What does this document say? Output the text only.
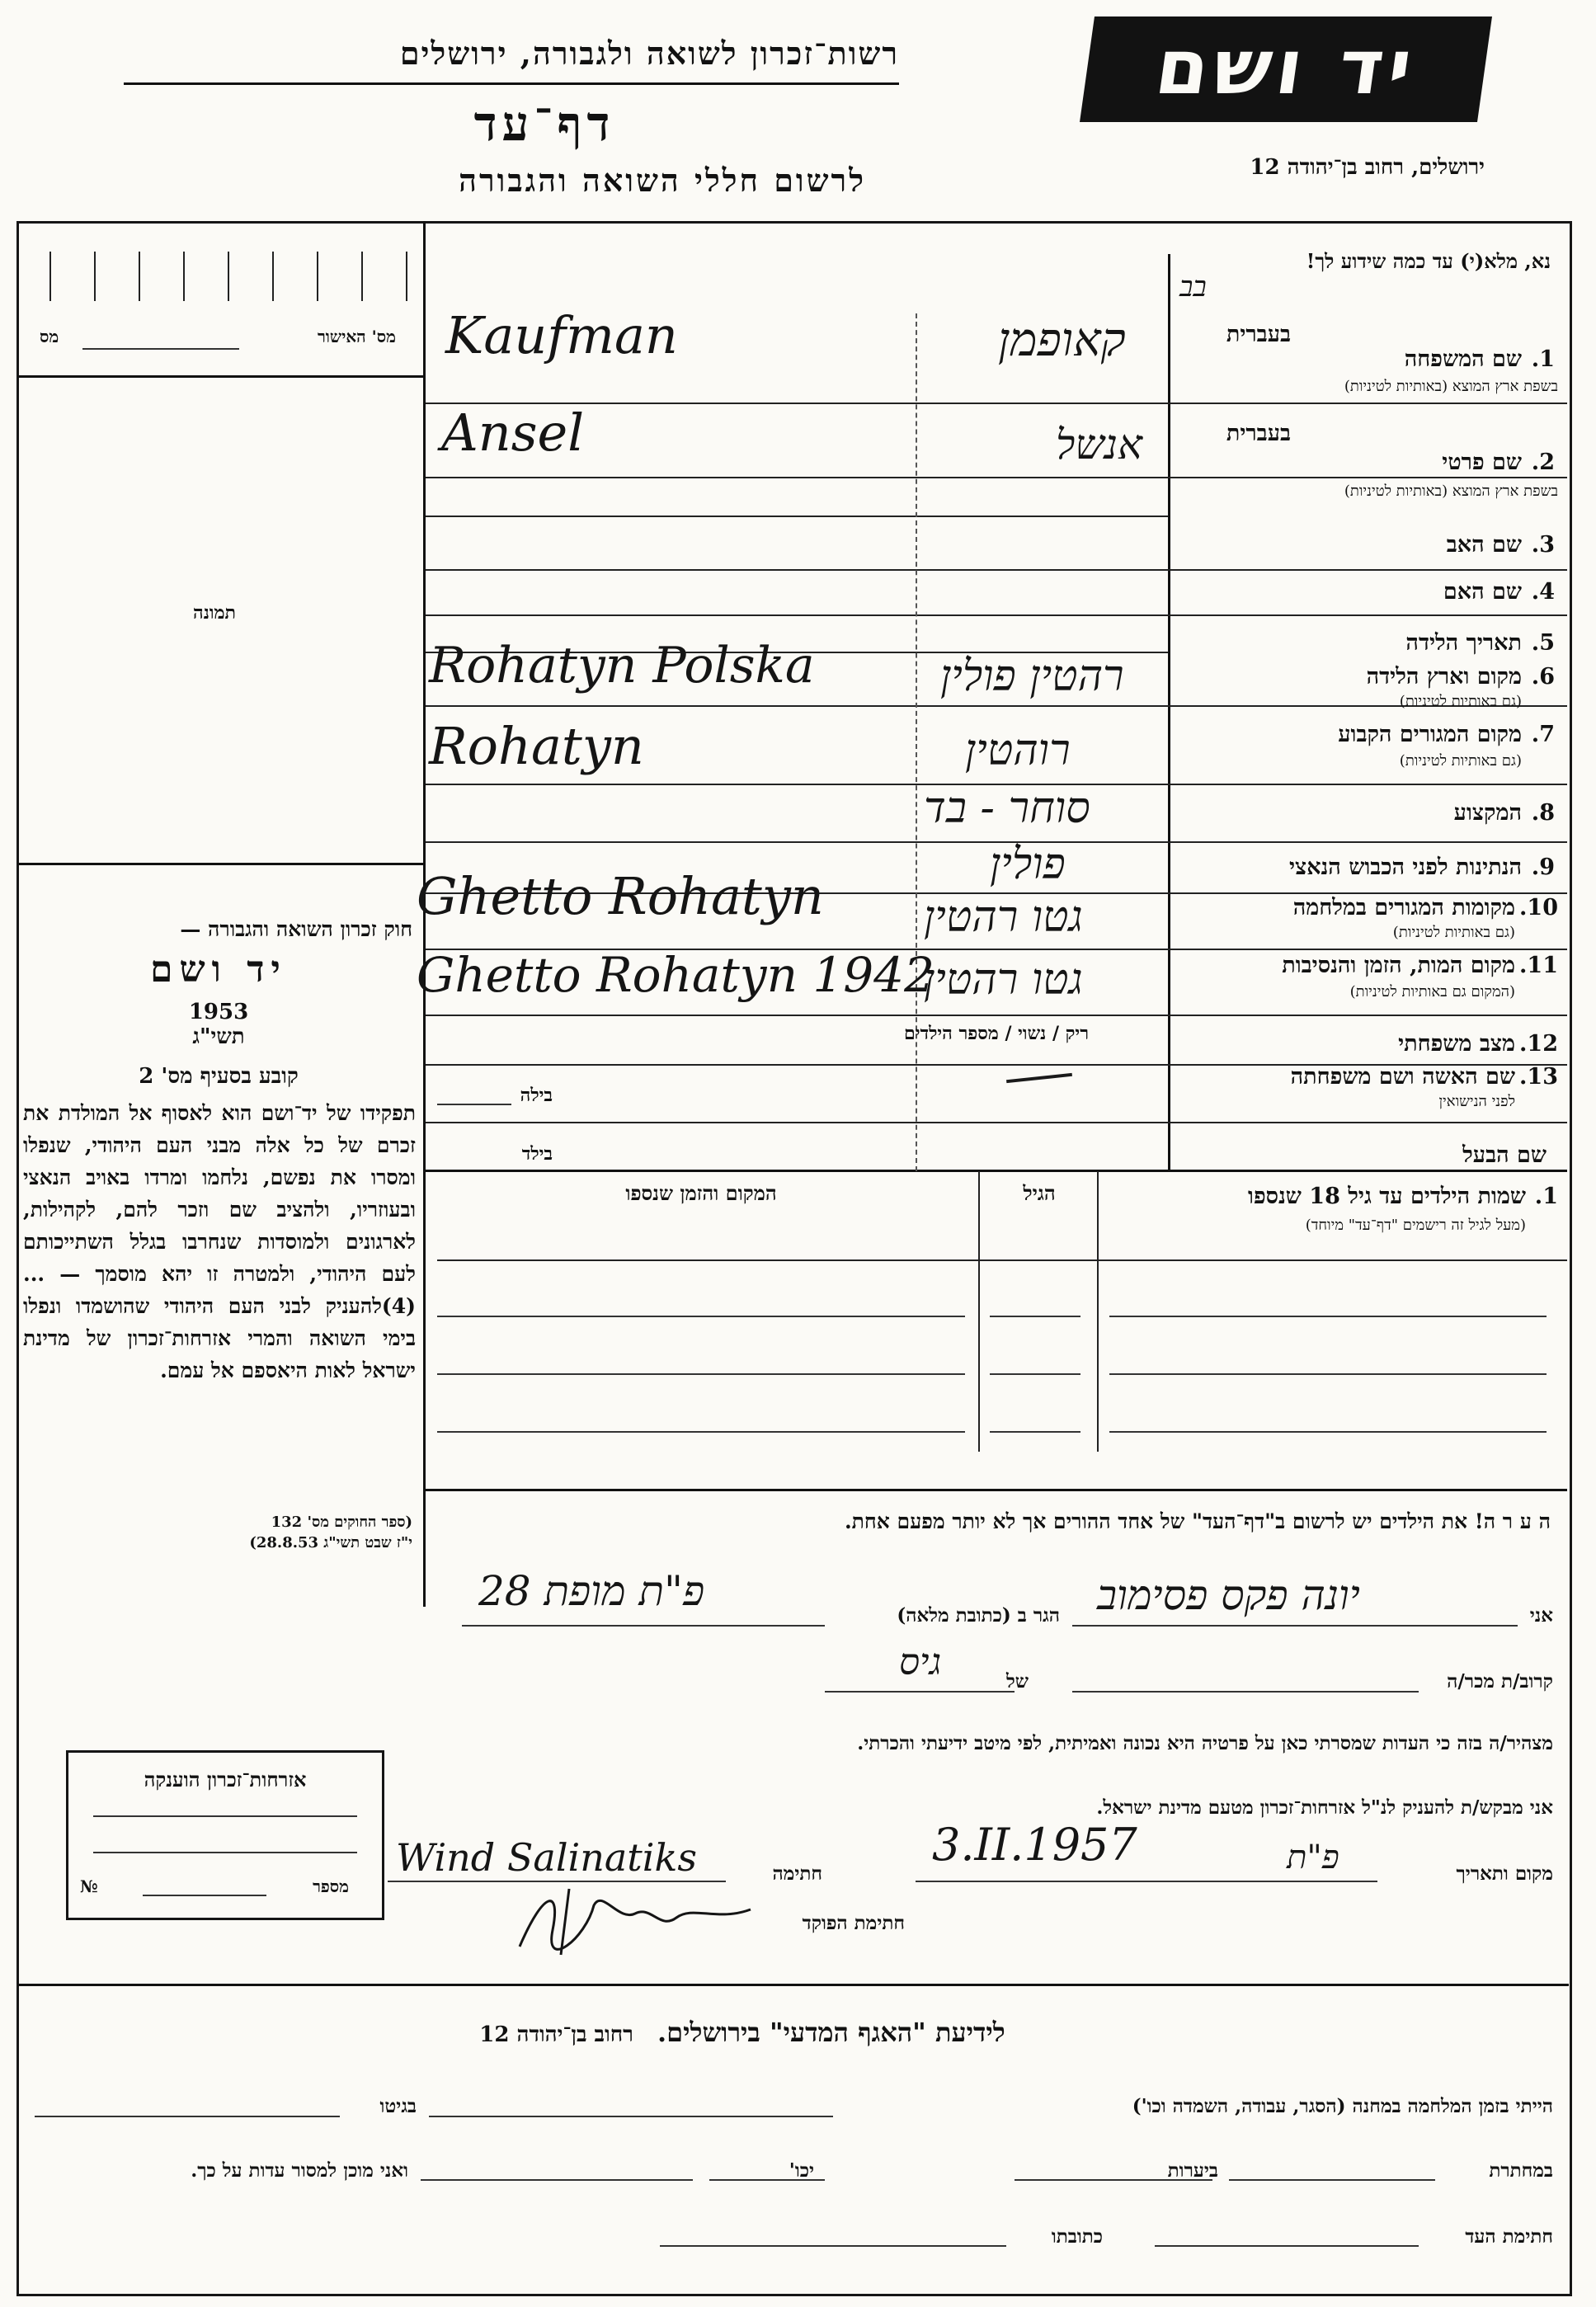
יד ושם
ירושלים, רחוב בן־יהודה 12
רשות־זכרון לשואה ולגבורה, ירושלים
דף־עד
לרשום חללי השואה והגבורה
מס' האישור
מס
תמונה
חוק זכרון השואה והגבורה —
יד ושם
1953
תשי"ג
קובע בסעיף מס' 2
תפקידו של יד־ושם הוא לאסוף אל המולדת את זכרם של כל אלה מבני העם היהודי, שנפלו ומסרו את נפשם, נלחמו ומרדו באויב הנאצי ובעוזריו, ולהציב שם וזכר להם, לקהילות, לארגונים ולמוסדות שנחרבו בגלל השתייכותם לעם היהודי, ולמטרה זו יהא מוסמך — ...(4)להעניק לבני העם היהודי שהושמדו ונפלו בימי השואה והמרי אזרחות־זכרון של מדינת ישראל לאות היאספם אל עמם.
(ספר החוקים מס' 132
י"ז שבט תשי"ג 28.8.53)
נא, מלא(י) עד כמה שידוע לך!
בב
בעברית
1.
שם המשפחה
בשפת ארץ המוצא (באותיות לטיניות)
Kaufman	קאופמן
בעברית
2.
שם פרטי
בשפת ארץ המוצא (באותיות לטיניות)
Ansel	אנשל
3.
שם האב
4.
שם האם
5.
תאריך הלידה
6.
מקום וארץ הלידה
(גם באותיות לטיניות)
Rohatyn Polska	רהטין פולין
7.
מקום המגורים הקבוע
(גם באותיות לטיניות)
Rohatyn	רוהטין
8.
המקצוע
סוחר - בד
9.
הנתינות לפני הכבוש הנאצי
פולין
10.
מקומות המגורים במלחמה
(גם באותיות לטיניות)
Ghetto Rohatyn גטו רהטין
11.
מקום המות, הזמן והנסיבות
(המקום גם באותיות לטיניות)
Ghetto Rohatyn 1942
גטו רהטין
12.
מצב משפחתי
ריק / נשוי / מספר הילדים
13.
שם האשה ושם משפחתה
לפני הנישואין
בילה
בילד	שם הבעל
1.
שמות הילדים עד גיל 18 שנספו
(מעל לגיל זה רישמים "דף־עד" מיוחד)
הגיל
המקום והזמן שנספו
ה ע ר ה! את הילדים יש לרשום ב"דף־העד" של אחד ההורים אך לא יותר מפעם אחת.
אני
יונה פקס פסימוב
הגר ב (כתובת מלאה)
פ"ת מופת 28
קרוב/ת מכר/ה
של
גיס
מצהיר/ה בזה כי העדות שמסרתי כאן על פרטיה היא נכונה ואמיתית, לפי מיטב ידיעתי והכרתי.
אני מבקש/ת להעניק לנ"ל אזרחות־זכרון מטעם מדינת ישראל.
מקום ותאריך
3.II.1957	פ"ת
חתימה
Wind Salinatiks
חתימת הפוקד
אזרחות־זכרון הוענקה
מספר
№
לידיעת "האגף המדעי" בירושלים. רחוב בן־יהודה 12
הייתי בזמן המלחמה במחנה (הסגר, עבודה, השמדה וכו')
בגיטו
במחתרת
ביערות
יכו'
ואני מוכן למסור עדות על כך.
חתימת העד
כתובתו
